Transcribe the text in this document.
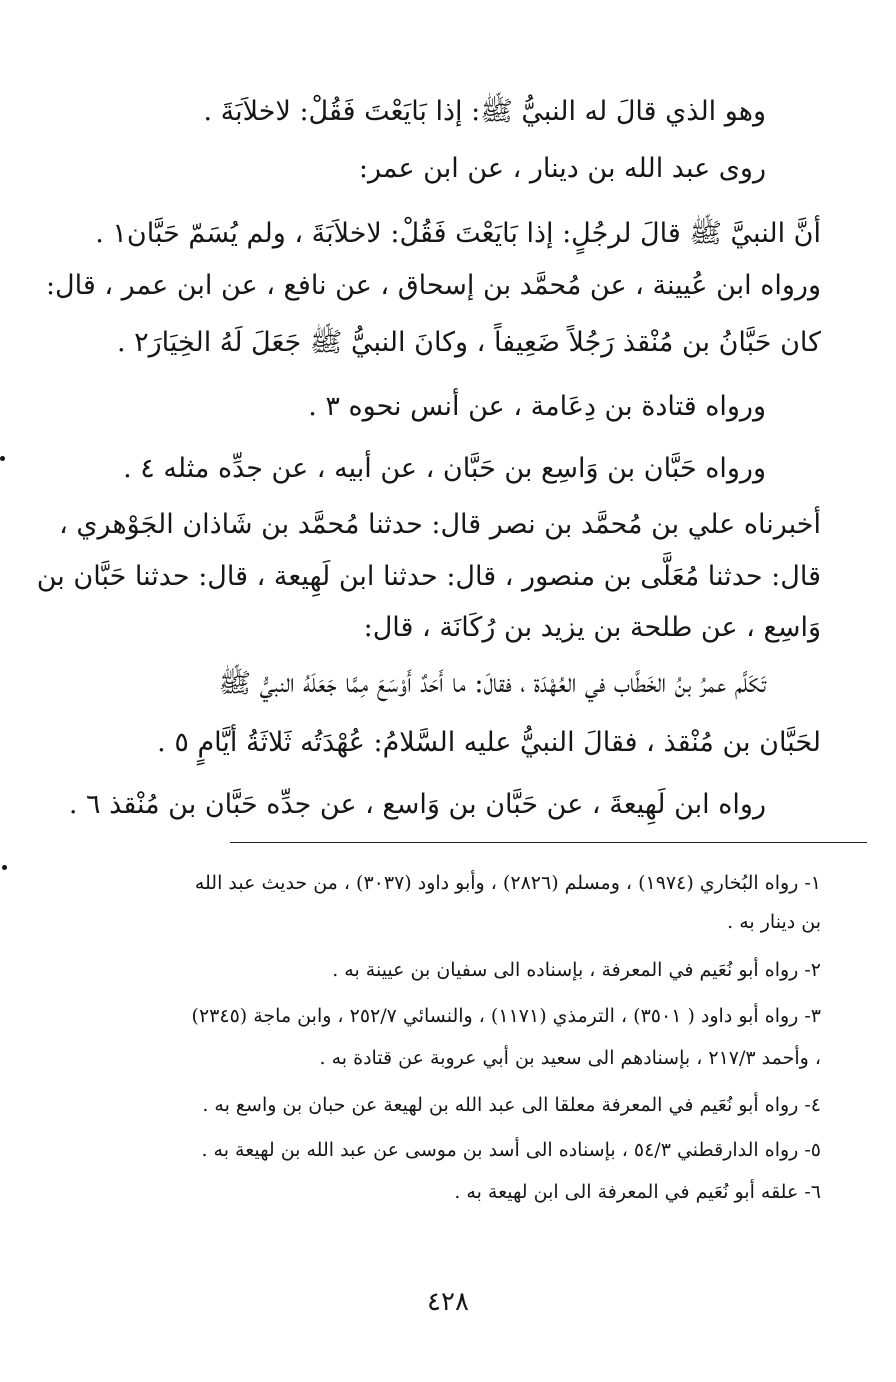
وهو الذي قالَ له النبيُّ ﷺ: إذا بَايَعْتَ فَقُلْ: لاخلاَبَةَ .
روى عبد الله بن دينار ، عن ابن عمر:
أنَّ النبيَّ ﷺ قالَ لرجُلٍ: إذا بَايَعْتَ فَقُلْ: لاخلاَبَةَ ، ولم يُسَمّ حَبَّان١ .
ورواه ابن عُيينة ، عن مُحمَّد بن إسحاق ، عن نافع ، عن ابن عمر ، قال:
كان حَبَّانُ بن مُنْقذ رَجُلاً ضَعِيفاً ، وكانَ النبيُّ ﷺ جَعَلَ لَهُ الخِيَارَ٢ .
ورواه قتادة بن دِعَامة ، عن أنس نحوه ٣ .
ورواه حَبَّان بن وَاسِع بن حَبَّان ، عن أبيه ، عن جدِّه مثله ٤ .
أخبرناه علي بن مُحمَّد بن نصر قال: حدثنا مُحمَّد بن شَاذان الجَوْهري ،
قال: حدثنا مُعَلَّى بن منصور ، قال: حدثنا ابن لَهِيعة ، قال: حدثنا حَبَّان بن
وَاسِع ، عن طلحة بن يزيد بن رُكَانَة ، قال:
تَكَلَّم عمرُ بنُ الخَطَّاب في العُهْدَة ، فقالَ: ما أَحَدٌ أَوْسَعَ مِمَّا جَعَلَهُ النبيُّ ﷺ
لحَبَّان بن مُنْقذ ، فقالَ النبيُّ عليه السَّلامُ: عُهْدَتُه ثَلاثَةُ أيَّامٍ ٥ .
رواه ابن لَهِيعةَ ، عن حَبَّان بن وَاسع ، عن جدِّه حَبَّان بن مُنْقذ ٦ .
١- رواه البُخاري (١٩٧٤) ، ومسلم (٢٨٢٦) ، وأبو داود (٣٠٣٧) ، من حديث عبد الله
بن دينار به .
٢- رواه أبو نُعَيم في المعرفة ، بإسناده الى سفيان بن عيينة به .
٣- رواه أبو داود ( ٣٥٠١) ، الترمذي (١١٧١) ، والنسائي ٢٥٢/٧ ، وابن ماجة (٢٣٤٥)
، وأحمد ٢١٧/٣ ، بإسنادهم الى سعيد بن أبي عروبة عن قتادة به .
٤- رواه أبو نُعَيم في المعرفة معلقا الى عبد الله بن لهيعة عن حبان بن واسع به .
٥- رواه الدارقطني ٥٤/٣ ، بإسناده الى أسد بن موسى عن عبد الله بن لهيعة به .
٦- علقه أبو نُعَيم في المعرفة الى ابن لهيعة به .
٤٢٨
